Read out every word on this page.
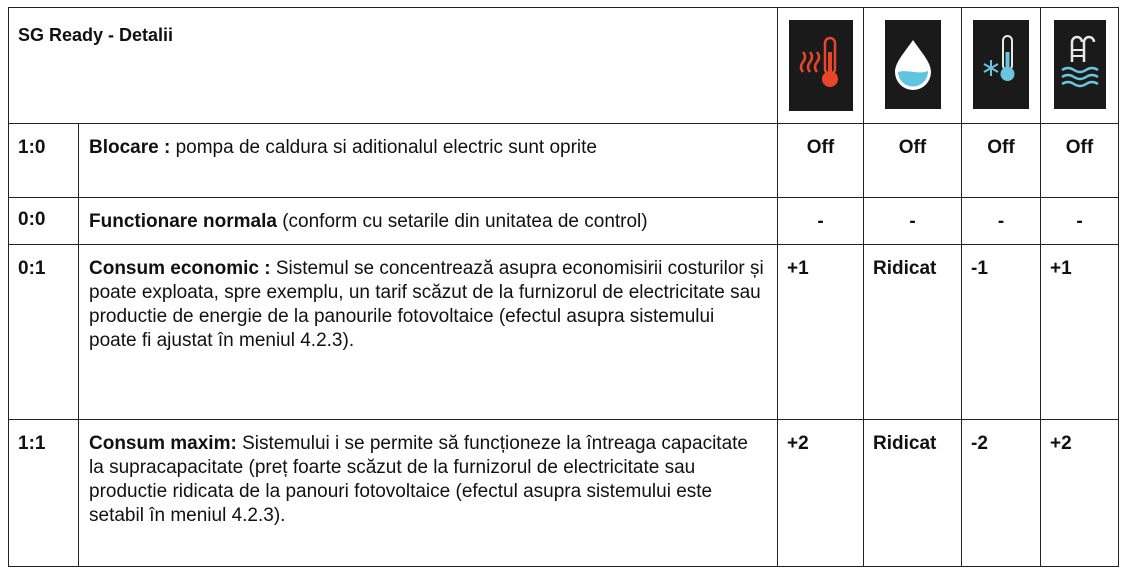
SG Ready - Detalii				
1:0	Blocare : pompa de caldura si aditionalul electric sunt oprite	Off	Off	Off	Off
0:0	Functionare normala (conform cu setarile din unitatea de control)	-	-	-	-
0:1	Consum economic : Sistemul se concentrează asupra economisirii costurilor și poate exploata, spre exemplu, un tarif scăzut de la furnizorul de electricitate sau productie de energie de la panourile fotovoltaice (efectul asupra sistemului poate fi ajustat în meniul 4.2.3).	+1	Ridicat	-1	+1
1:1	Consum maxim: Sistemului i se permite să funcționeze la întreaga capacitate la supracapacitate (preț foarte scăzut de la furnizorul de electricitate sau productie ridicata de la panouri fotovoltaice (efectul asupra sistemului este setabil în meniul 4.2.3).	+2	Ridicat	-2	+2
